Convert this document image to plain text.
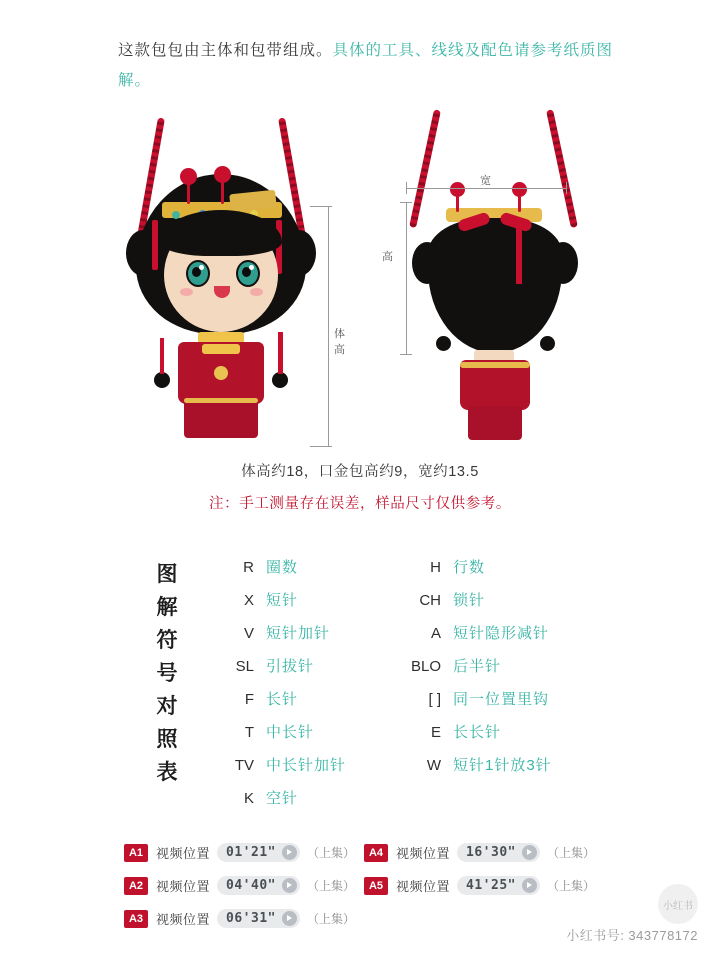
这款包包由主体和包带组成。具体的工具、线线及配色请参考纸质图解。
体高
宽
高
体高约18，口金包高约9，宽约13.5
注：手工测量存在误差，样品尺寸仅供参考。
图解符号对照表
R 圈数
X 短针
V 短针加针
SL 引拔针
F 长针
T 中长针
TV 中长针加针
K 空针
H 行数
CH 锁针
A 短针隐形减针
BLO 后半针
[ ] 同一位置里钩
E 长长针
W 短针1针放3针
A1 视频位置 01'21"	（上集）	A4 视频位置 16'30"	（上集）
A2 视频位置 04'40"	（上集）	A5 视频位置 41'25"	（上集）
A3 视频位置 06'31"	（上集）
小红书
小红书号: 343778172
